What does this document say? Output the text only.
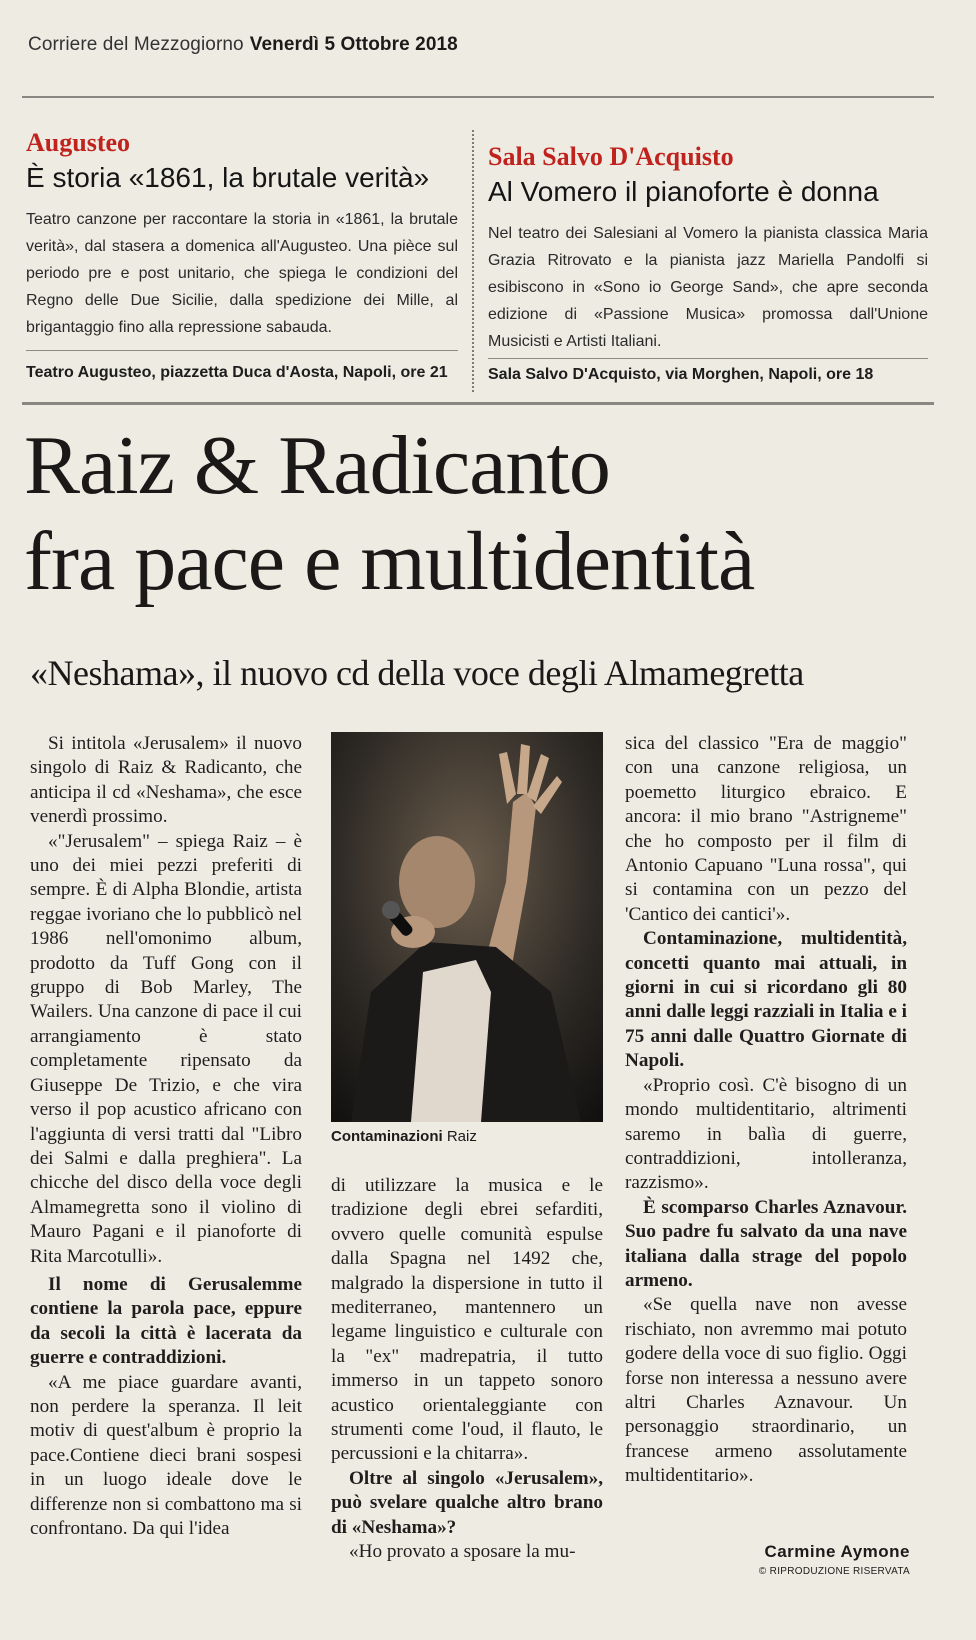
Corriere del Mezzogiorno Venerdì 5 Ottobre 2018
Augusteo
È storia «1861, la brutale verità»
Teatro canzone per raccontare la storia in «1861, la brutale verità», dal stasera a domenica all'Augusteo. Una pièce sul periodo pre e post unitario, che spiega le condizioni del Regno delle Due Sicilie, dalla spedizione dei Mille, al brigantaggio fino alla repressione sabauda.
Teatro Augusteo, piazzetta Duca d'Aosta, Napoli, ore 21
Sala Salvo D'Acquisto
Al Vomero il pianoforte è donna
Nel teatro dei Salesiani al Vomero la pianista classica Maria Grazia Ritrovato e la pianista jazz Mariella Pandolfi si esibiscono in «Sono io George Sand», che apre seconda edizione di «Passione Musica» promossa dall'Unione Musicisti e Artisti Italiani.
Sala Salvo D'Acquisto, via Morghen, Napoli, ore 18
Raiz & Radicanto
fra pace e multidentità
«Neshama», il nuovo cd della voce degli Almamegretta

Si intitola «Jerusalem» il nuovo singolo di Raiz & Radicanto, che anticipa il cd «Neshama», che esce venerdì prossimo.

«"Jerusalem" – spiega Raiz – è uno dei miei pezzi preferiti di sempre. È di Alpha Blondie, artista reggae ivoriano che lo pubblicò nel 1986 nell'omonimo album, prodotto da Tuff Gong con il gruppo di Bob Marley, The Wailers. Una canzone di pace il cui arrangiamento è stato completamente ripensato da Giuseppe De Trizio, e che vira verso il pop acustico africano con l'aggiunta di versi tratti dal "Libro dei Salmi e dalla preghiera". La chicche del disco della voce degli Almamegretta sono il violino di Mauro Pagani e il pianoforte di Rita Marcotulli».

Il nome di Gerusalemme contiene la parola pace, eppure da secoli la città è lacerata da guerre e contraddizioni.

«A me piace guardare avanti, non perdere la speranza. Il leit motiv di quest'album è proprio la pace.Contiene dieci brani sospesi in un luogo ideale dove le differenze non si combattono ma si confrontano. Da qui l'idea

Contaminazioni Raiz

di utilizzare la musica e le tradizione degli ebrei sefarditi, ovvero quelle comunità espulse dalla Spagna nel 1492 che, malgrado la dispersione in tutto il mediterraneo, mantennero un legame linguistico e culturale con la "ex" madrepatria, il tutto immerso in un tappeto sonoro acustico orientaleggiante con strumenti come l'oud, il flauto, le percussioni e la chitarra».

Oltre al singolo «Jerusalem», può svelare qualche altro brano di «Neshama»?

«Ho provato a sposare la mu-

sica del classico "Era de maggio" con una canzone religiosa, un poemetto liturgico ebraico. E ancora: il mio brano "Astrigneme" che ho composto per il film di Antonio Capuano "Luna rossa", qui si contamina con un pezzo del 'Cantico dei cantici'».

Contaminazione, multidentità, concetti quanto mai attuali, in giorni in cui si ricordano gli 80 anni dalle leggi razziali in Italia e i 75 anni dalle Quattro Giornate di Napoli.

«Proprio così. C'è bisogno di un mondo multidentitario, altrimenti saremo in balìa di guerre, contraddizioni, intolleranza, razzismo».

È scomparso Charles Aznavour. Suo padre fu salvato da una nave italiana dalla strage del popolo armeno.

«Se quella nave non avesse rischiato, non avremmo mai potuto godere della voce di suo figlio. Oggi forse non interessa a nessuno avere altri Charles Aznavour. Un personaggio straordinario, un francese armeno assolutamente multidentitario».

Carmine Aymone
© RIPRODUZIONE RISERVATA
